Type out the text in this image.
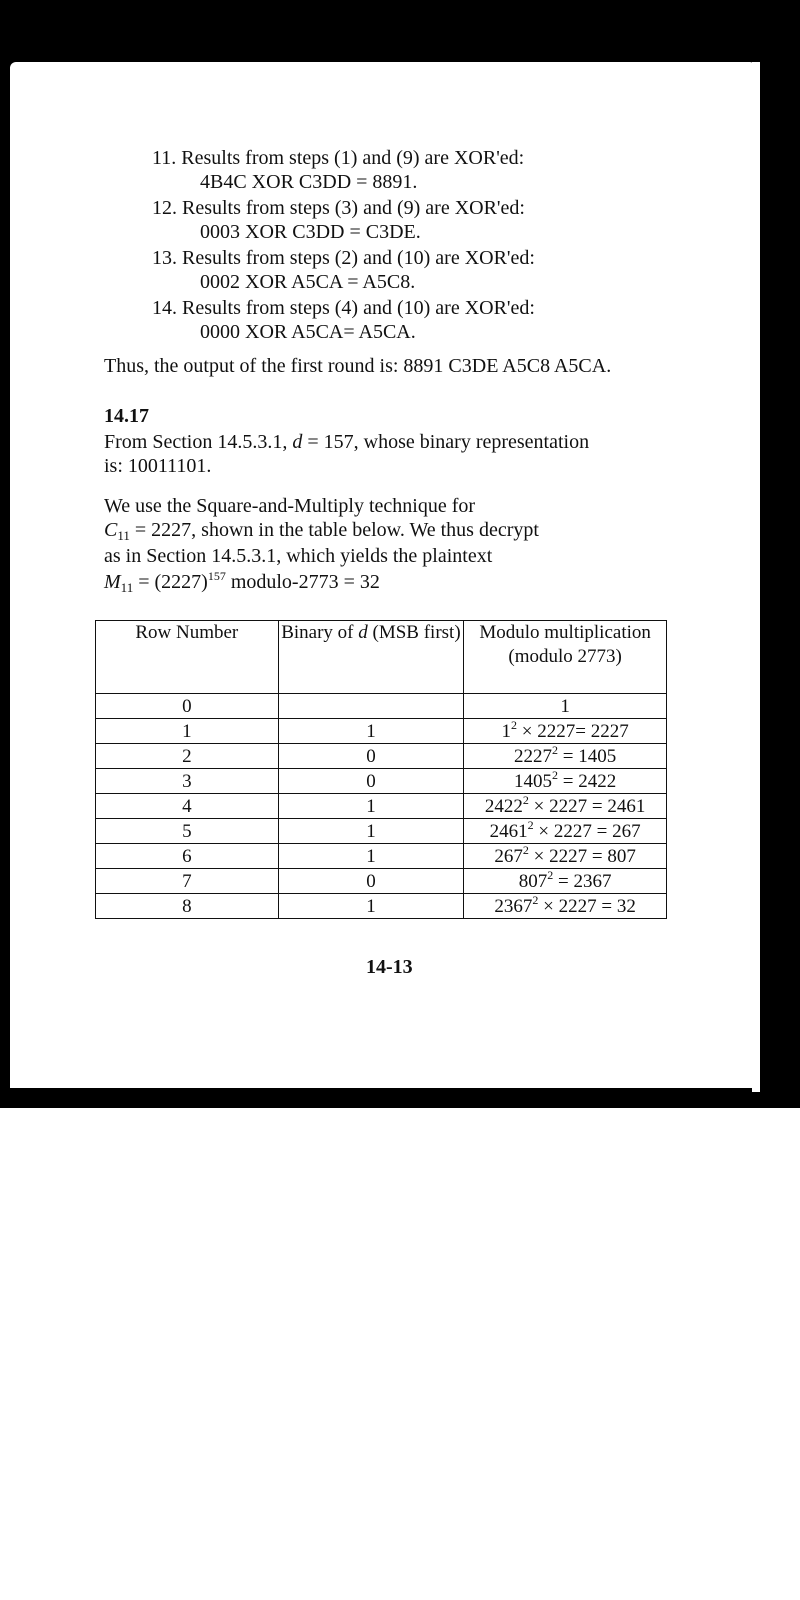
11. Results from steps (1) and (9) are XOR'ed:
4B4C XOR C3DD = 8891.
12. Results from steps (3) and (9) are XOR'ed:
0003 XOR C3DD = C3DE.
13. Results from steps (2) and (10) are XOR'ed:
0002 XOR A5CA = A5C8.
14. Results from steps (4) and (10) are XOR'ed:
0000 XOR A5CA= A5CA.
Thus, the output of the first round is: 8891 C3DE A5C8 A5CA.
14.17
From Section 14.5.3.1, d = 157, whose binary representation
is: 10011101.
We use the Square-and-Multiply technique for
$C_{11} = 2227$, shown in the table below. We thus decrypt
as in Section 14.5.3.1, which yields the plaintext
$M_{11} = (2227)^{157}$ modulo-2773 = 32
Row Number	Binary of d (MSB first)	Modulo multiplication (modulo 2773)
0		1
1	1	$1^2 \times 2227= 2227$
2	0	$2227^2 = 1405$
3	0	$1405^2 = 2422$
4	1	$2422^2 \times 2227 = 2461$
5	1	$2461^2 \times 2227 = 267$
6	1	$267^2 \times 2227 = 807$
7	0	$807^2 = 2367$
8	1	$2367^2 \times 2227 = 32$
14-13
